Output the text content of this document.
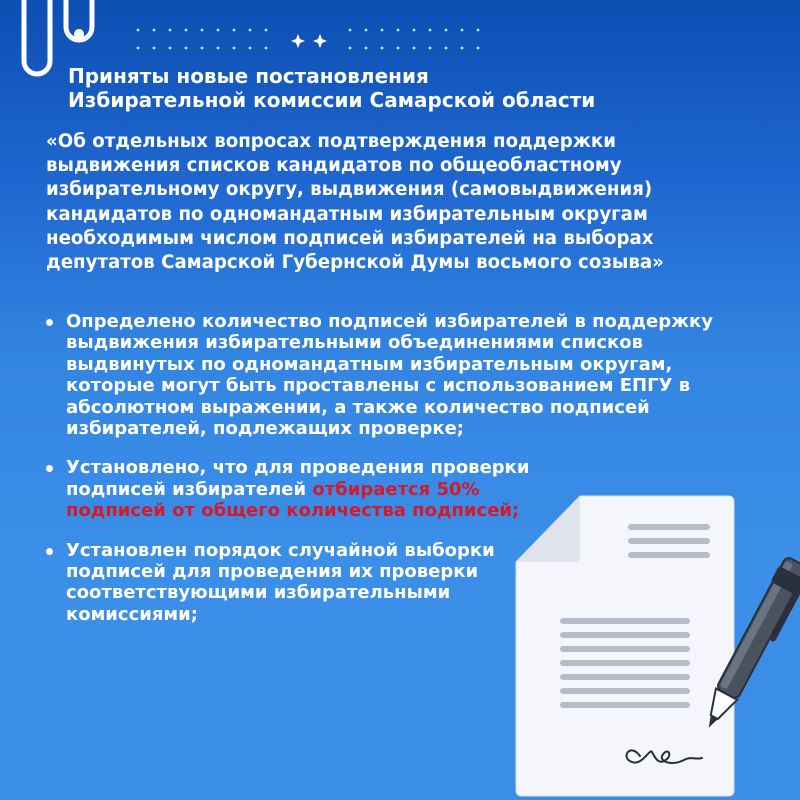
Приняты новые постановления
Избирательной комиссии Самарской области
«Об отдельных вопросах подтверждения поддержки
выдвижения списков кандидатов по общеобластному
избирательному округу, выдвижения (самовыдвижения)
кандидатов по одномандатным избирательным округам
необходимым числом подписей избирателей на выборах
депутатов Самарской Губернской Думы восьмого созыва»
Определено количество подписей избирателей в поддержку
выдвижения избирательными объединениями списков
выдвинутых по одномандатным избирательным округам,
которые могут быть проставлены с использованием ЕПГУ в
абсолютном выражении, а также количество подписей
избирателей, подлежащих проверке;
Установлено, что для проведения проверки
подписей избирателей отбирается 50%
подписей от общего количества подписей;
Установлен порядок случайной выборки
подписей для проведения их проверки
соответствующими избирательными
комиссиями;
